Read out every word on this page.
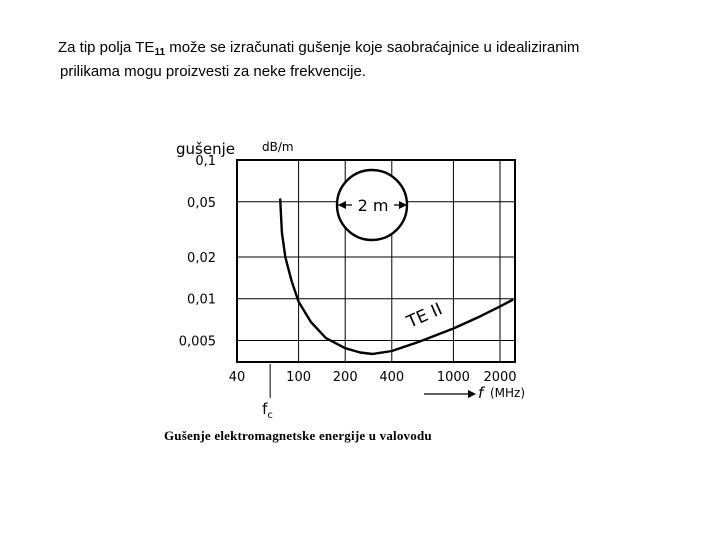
Za tip polja $TE_{11}$ može se izračunati gušenje koje saobraćajnice u idealiziranim
prilikama mogu proizvesti za neke frekvencije.
0,1
0,05
0,02
0,01
0,005
40	100 200 400	1000 2000
gušenje dB/m
f (MHz)
$f_c$
TE II
2 m
Gušenje elektromagnetske energije u valovodu
